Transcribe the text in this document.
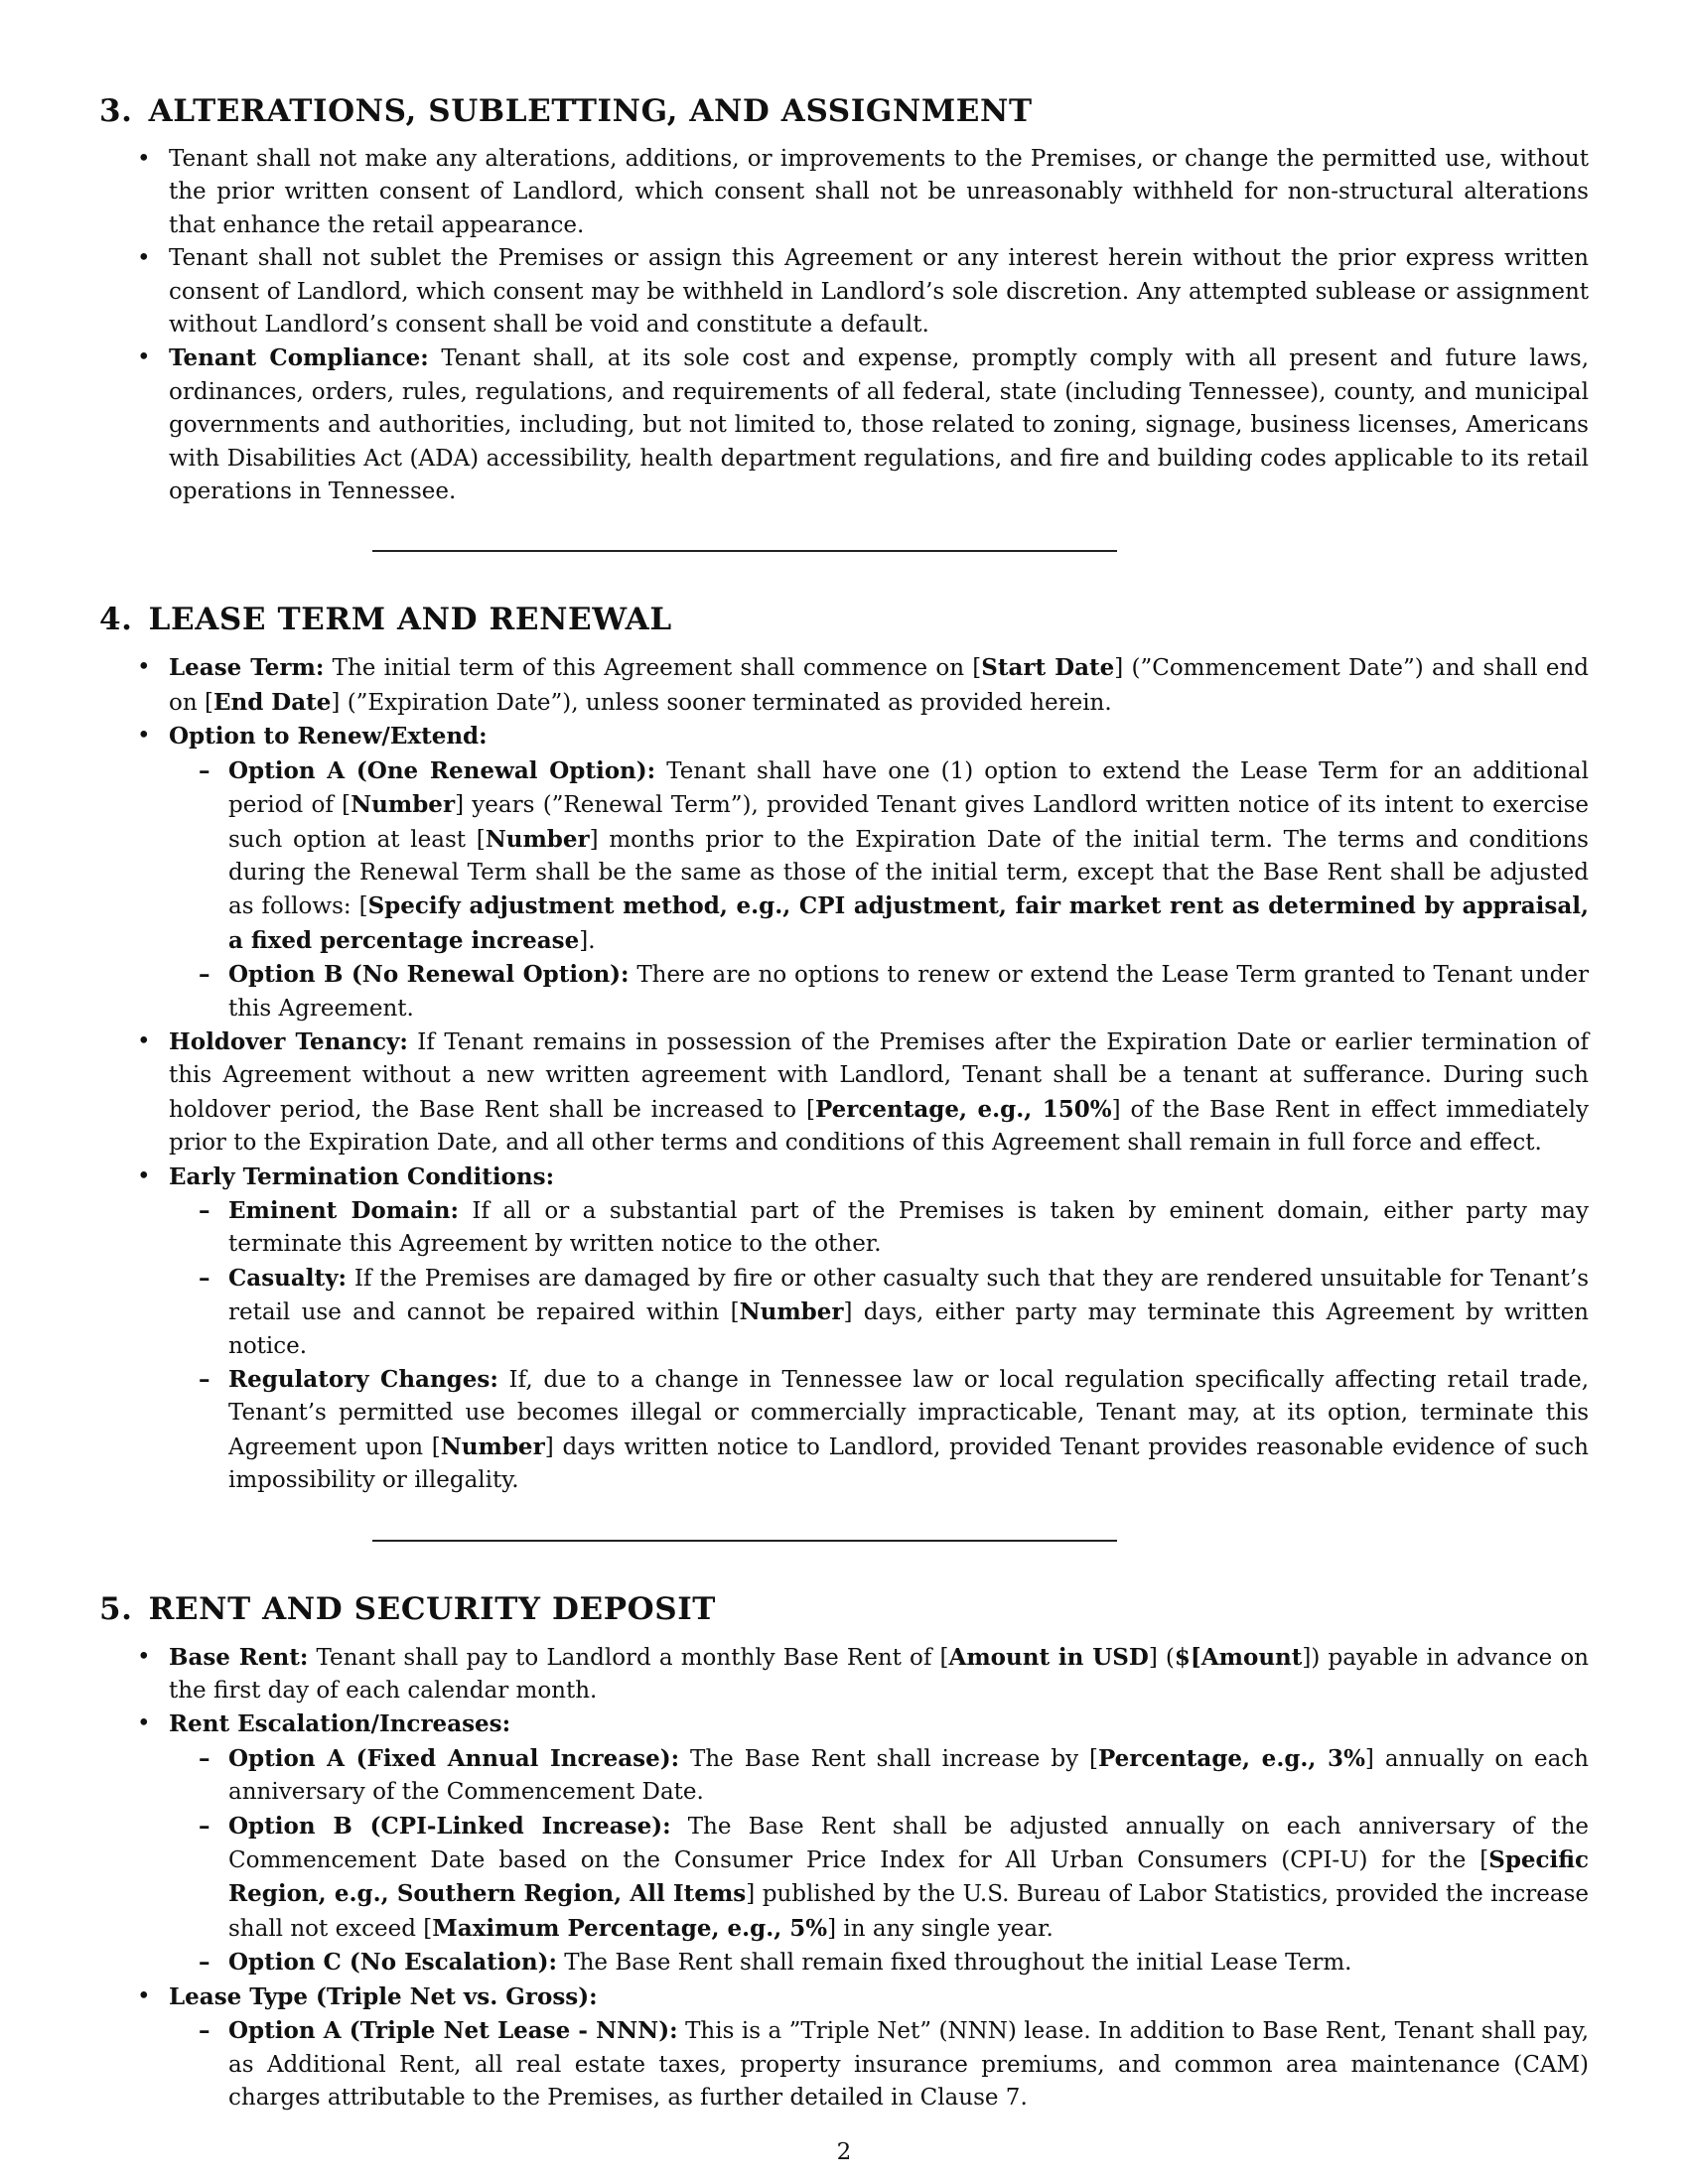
3. ALTERATIONS, SUBLETTING, AND ASSIGNMENT
• Tenant shall not make any alterations, additions, or improvements to the Premises, or change the permitted use, without the prior written consent of Landlord, which consent shall not be unreasonably withheld for non-structural alterations that enhance the retail appearance.
• Tenant shall not sublet the Premises or assign this Agreement or any interest herein without the prior express written consent of Landlord, which consent may be withheld in Landlord’s sole discretion. Any attempted sublease or assignment without Landlord’s consent shall be void and constitute a default.
• Tenant Compliance: Tenant shall, at its sole cost and expense, promptly comply with all present and future laws, ordinances, orders, rules, regulations, and requirements of all federal, state (including Tennessee), county, and municipal governments and authorities, including, but not limited to, those related to zoning, signage, business licenses, Americans with Disabilities Act (ADA) accessibility, health department regulations, and fire and building codes applicable to its retail operations in Tennessee.
4. LEASE TERM AND RENEWAL
• Lease Term: The initial term of this Agreement shall commence on [Start Date] (”Commencement Date”) and shall end on [End Date] (”Expiration Date”), unless sooner terminated as provided herein.
• Option to Renew/Extend:
– Option A (One Renewal Option): Tenant shall have one (1) option to extend the Lease Term for an additional period of [Number] years (”Renewal Term”), provided Tenant gives Landlord written notice of its intent to exercise such option at least [Number] months prior to the Expiration Date of the initial term. The terms and conditions during the Renewal Term shall be the same as those of the initial term, except that the Base Rent shall be adjusted as follows: [Specify adjustment method, e.g., CPI adjustment, fair market rent as determined by appraisal, a fixed percentage increase].
– Option B (No Renewal Option): There are no options to renew or extend the Lease Term granted to Tenant under this Agreement.
• Holdover Tenancy: If Tenant remains in possession of the Premises after the Expiration Date or earlier termination of this Agreement without a new written agreement with Landlord, Tenant shall be a tenant at sufferance. During such holdover period, the Base Rent shall be increased to [Percentage, e.g., 150%] of the Base Rent in effect immediately prior to the Expiration Date, and all other terms and conditions of this Agreement shall remain in full force and effect.
• Early Termination Conditions:
– Eminent Domain: If all or a substantial part of the Premises is taken by eminent domain, either party may terminate this Agreement by written notice to the other.
– Casualty: If the Premises are damaged by fire or other casualty such that they are rendered unsuitable for Tenant’s retail use and cannot be repaired within [Number] days, either party may terminate this Agreement by written notice.
– Regulatory Changes: If, due to a change in Tennessee law or local regulation specifically affecting retail trade, Tenant’s permitted use becomes illegal or commercially impracticable, Tenant may, at its option, terminate this Agreement upon [Number] days written notice to Landlord, provided Tenant provides reasonable evidence of such impossibility or illegality.
5. RENT AND SECURITY DEPOSIT
• Base Rent: Tenant shall pay to Landlord a monthly Base Rent of [Amount in USD] ($[Amount]) payable in advance on the first day of each calendar month.
• Rent Escalation/Increases:
– Option A (Fixed Annual Increase): The Base Rent shall increase by [Percentage, e.g., 3%] annually on each anniversary of the Commencement Date.
– Option B (CPI-Linked Increase): The Base Rent shall be adjusted annually on each anniversary of the Commencement Date based on the Consumer Price Index for All Urban Consumers (CPI-U) for the [Specific Region, e.g., Southern Region, All Items] published by the U.S. Bureau of Labor Statistics, provided the increase shall not exceed [Maximum Percentage, e.g., 5%] in any single year.
– Option C (No Escalation): The Base Rent shall remain fixed throughout the initial Lease Term.
• Lease Type (Triple Net vs. Gross):
– Option A (Triple Net Lease - NNN): This is a ”Triple Net” (NNN) lease. In addition to Base Rent, Tenant shall pay, as Additional Rent, all real estate taxes, property insurance premiums, and common area maintenance (CAM) charges attributable to the Premises, as further detailed in Clause 7.
2
